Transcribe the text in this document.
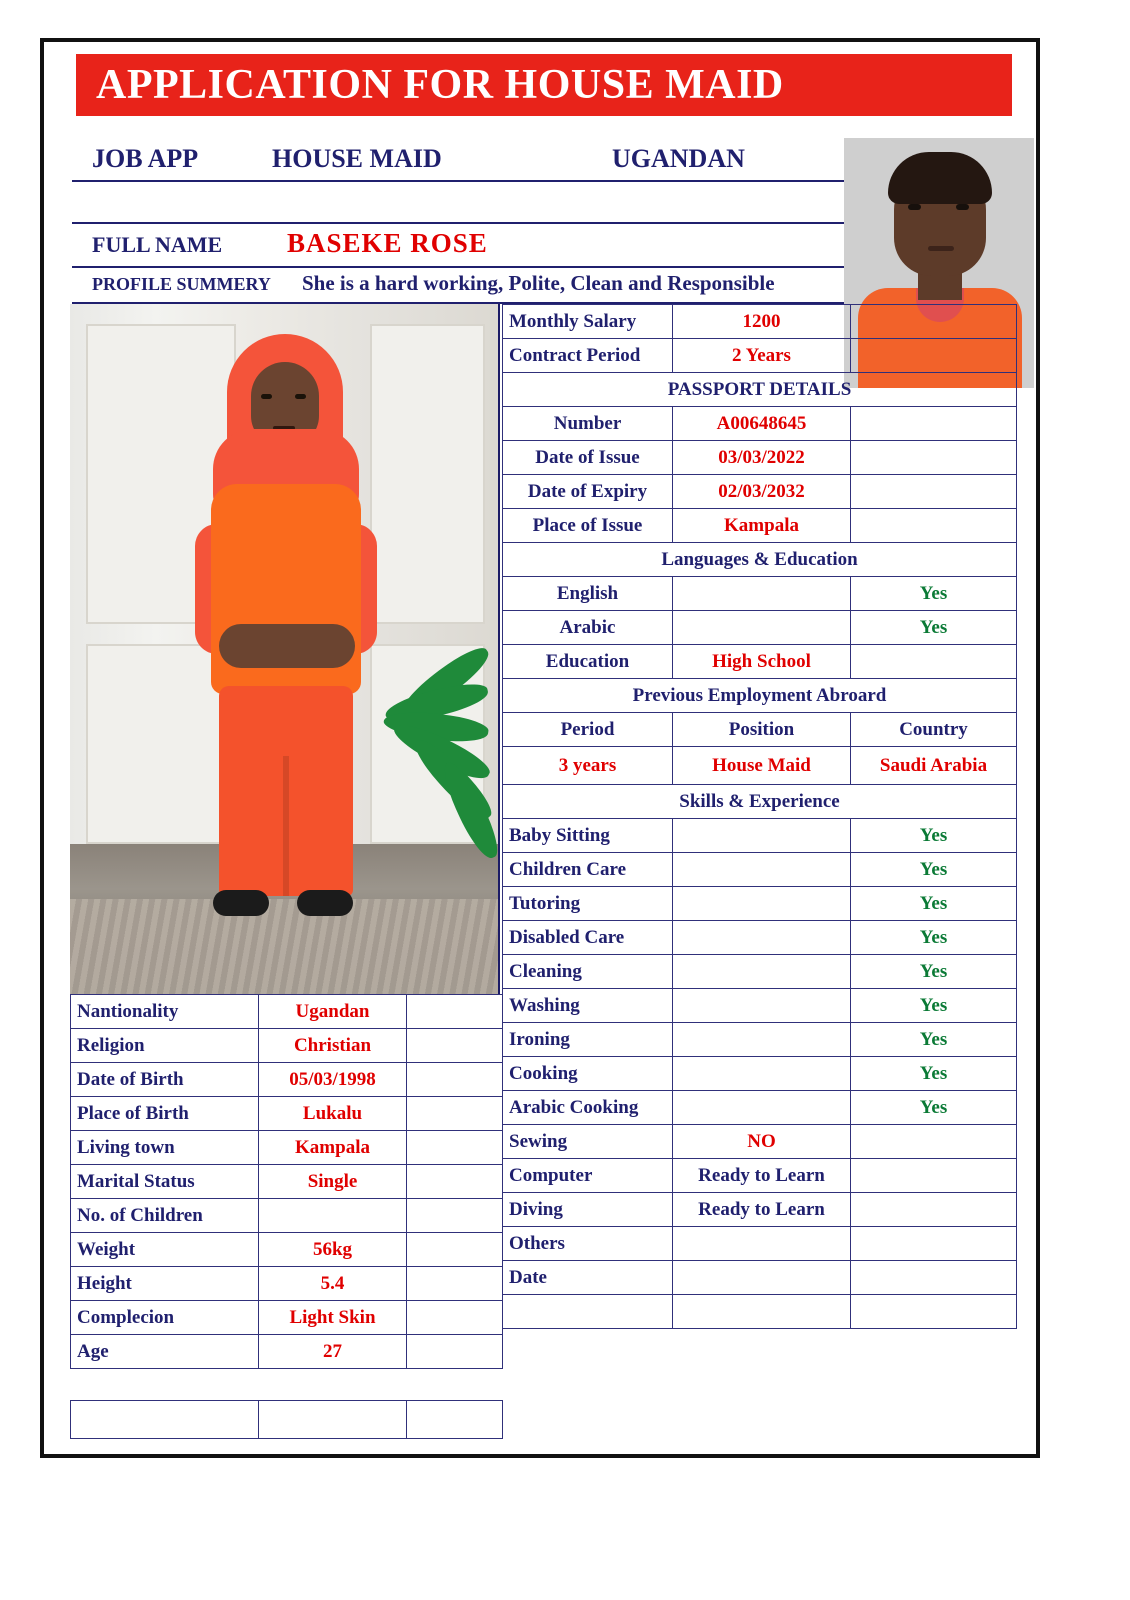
APPLICATION FOR HOUSE MAID
JOB APP	HOUSE MAID	UGANDAN
FULL NAME BASEKE ROSE
PROFILE SUMMERY She is a hard working, Polite, Clean and Responsible
Monthly Salary	1200	
Contract Period	2 Years	
PASSPORT DETAILS		
Number	A00648645	
Date of Issue	03/03/2022	
Date of Expiry	02/03/2032	
Place of Issue	Kampala	
Languages & Education		
English		Yes
Arabic		Yes
Education	High School	
Previous Employment Abroard		
Period	Position	Country
3 years	House Maid	Saudi Arabia
Skills & Experience		
Baby Sitting		Yes
Children Care		Yes
Tutoring		Yes
Disabled Care		Yes
Cleaning		Yes
Washing		Yes
Ironing		Yes
Cooking		Yes
Arabic Cooking		Yes
Sewing	NO	
Computer	Ready to Learn	
Diving	Ready to Learn	
Others		
Date		

Nantionality	Ugandan	
Religion	Christian	
Date of Birth	05/03/1998	
Place of Birth	Lukalu	
Living town	Kampala	
Marital Status	Single	
No. of Children		
Weight	56kg	
Height	5.4	
Complecion	Light Skin	
Age	27	
